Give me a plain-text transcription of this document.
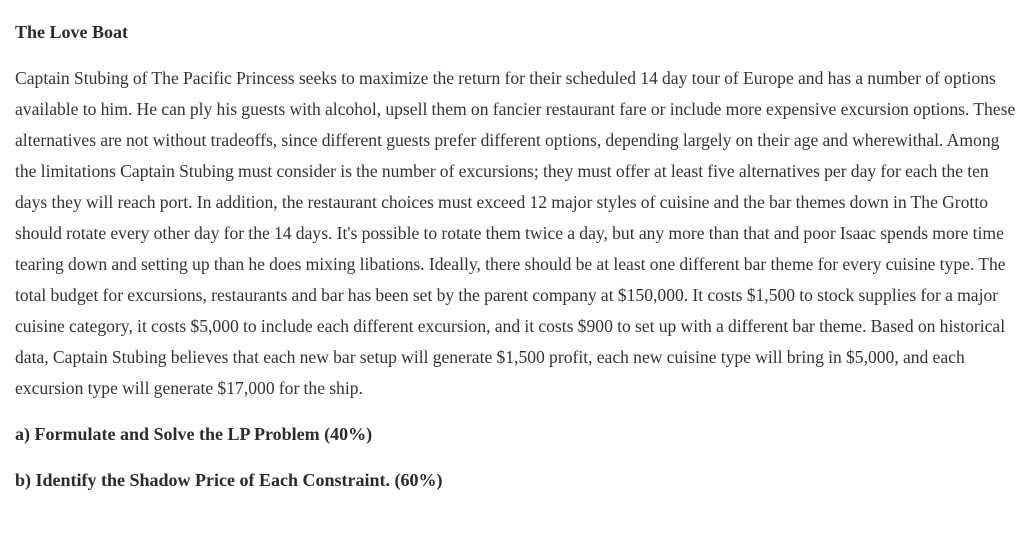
The Love Boat

Captain Stubing of The Pacific Princess seeks to maximize the return for their scheduled 14 day tour of Europe and has a number of options available to him. He can ply his guests with alcohol, upsell them on fancier restaurant fare or include more expensive excursion options. These alternatives are not without tradeoffs, since different guests prefer different options, depending largely on their age and wherewithal. Among the limitations Captain Stubing must consider is the number of excursions; they must offer at least five alternatives per day for each the ten days they will reach port. In addition, the restaurant choices must exceed 12 major styles of cuisine and the bar themes down in The Grotto should rotate every other day for the 14 days. It's possible to rotate them twice a day, but any more than that and poor Isaac spends more time tearing down and setting up than he does mixing libations. Ideally, there should be at least one different bar theme for every cuisine type. The total budget for excursions, restaurants and bar has been set by the parent company at $150,000. It costs $1,500 to stock supplies for a major cuisine category, it costs $5,000 to include each different excursion, and it costs $900 to set up with a different bar theme. Based on historical data, Captain Stubing believes that each new bar setup will generate $1,500 profit, each new cuisine type will bring in $5,000, and each excursion type will generate $17,000 for the ship.

a) Formulate and Solve the LP Problem (40%)

b) Identify the Shadow Price of Each Constraint. (60%)
